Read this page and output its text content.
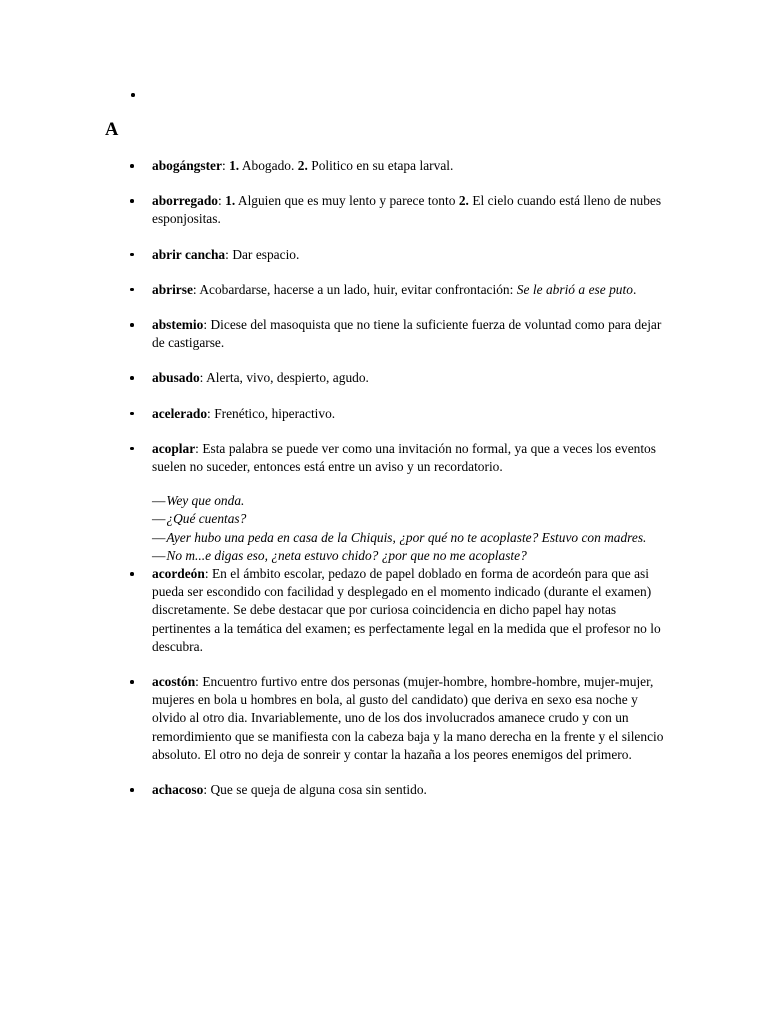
A
abogángster: 1. Abogado. 2. Politico en su etapa larval.
aborregado: 1. Alguien que es muy lento y parece tonto 2. El cielo cuando está lleno de nubes esponjositas.
abrir cancha: Dar espacio.
abrirse: Acobardarse, hacerse a un lado, huir, evitar confrontación: Se le abrió a ese puto.
abstemio: Dicese del masoquista que no tiene la suficiente fuerza de voluntad como para dejar de castigarse.
abusado: Alerta, vivo, despierto, agudo.
acelerado: Frenético, hiperactivo.
acoplar: Esta palabra se puede ver como una invitación no formal, ya que a veces los eventos suelen no suceder, entonces está entre un aviso y un recordatorio.
—Wey que onda.
—¿Qué cuentas?
—Ayer hubo una peda en casa de la Chiquis, ¿por qué no te acoplaste? Estuvo con madres.
—No m...e digas eso, ¿neta estuvo chido? ¿por que no me acoplaste?
acordeón: En el ámbito escolar, pedazo de papel doblado en forma de acordeón para que asi pueda ser escondido con facilidad y desplegado en el momento indicado (durante el examen) discretamente. Se debe destacar que por curiosa coincidencia en dicho papel hay notas pertinentes a la temática del examen; es perfectamente legal en la medida que el profesor no lo descubra.
acostón: Encuentro furtivo entre dos personas (mujer-hombre, hombre-hombre, mujer-mujer, mujeres en bola u hombres en bola, al gusto del candidato) que deriva en sexo esa noche y olvido al otro dia. Invariablemente, uno de los dos involucrados amanece crudo y con un remordimiento que se manifiesta con la cabeza baja y la mano derecha en la frente y el silencio absoluto. El otro no deja de sonreir y contar la hazaña a los peores enemigos del primero.
achacoso: Que se queja de alguna cosa sin sentido.
